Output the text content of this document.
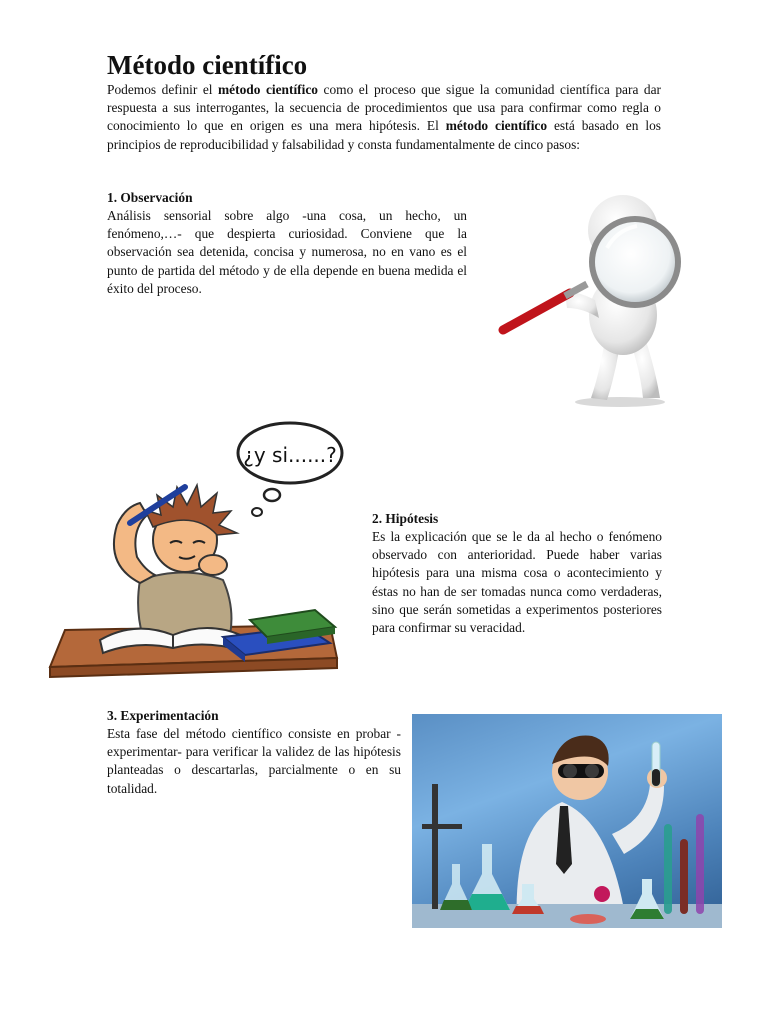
Método científico

Podemos definir el método científico como el proceso que sigue la comunidad científica para dar respuesta a sus interrogantes, la secuencia de procedimientos que usa para confirmar como regla o conocimiento lo que en origen es una mera hipótesis. El método científico está basado en los principios de reproducibilidad y falsabilidad y consta fundamentalmente de cinco pasos:

1. Observación

Análisis sensorial sobre algo -una cosa, un hecho, un fenómeno,…- que despierta curiosidad. Conviene que la observación sea detenida, concisa y numerosa, no en vano es el punto de partida del método y de ella depende en buena medida el éxito del proceso.

¿y si......?
2. Hipótesis

Es la explicación que se le da al hecho o fenómeno observado con anterioridad. Puede haber varias hipótesis para una misma cosa o acontecimiento y éstas no han de ser tomadas nunca como verdaderas, sino que serán sometidas a experimentos posteriores para confirmar su veracidad.

3. Experimentación

Esta fase del método científico consiste en probar -experimentar- para verificar la validez de las hipótesis planteadas o descartarlas, parcialmente o en su totalidad.
